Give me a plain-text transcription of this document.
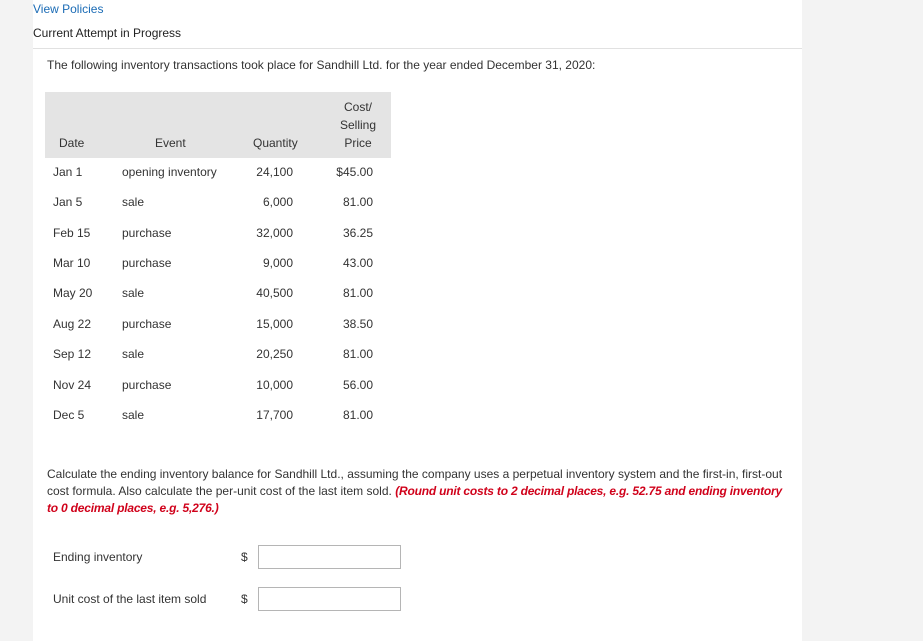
View Policies
Current Attempt in Progress
The following inventory transactions took place for Sandhill Ltd. for the year ended December 31, 2020:
Date	Event	Quantity
Cost/
Selling
Price
Jan 1	opening inventory	24,100	$45.00
Jan 5	sale	6,000	81.00
Feb 15	purchase	32,000	36.25
Mar 10	purchase	9,000	43.00
May 20 sale	40,500	81.00
Aug 22	purchase	15,000	38.50
Sep 12	sale	20,250	81.00
Nov 24	purchase	10,000	56.00
Dec 5	sale	17,700	81.00
Calculate the ending inventory balance for Sandhill Ltd., assuming the company uses a perpetual inventory system and the first-in, first-out cost formula. Also calculate the per-unit cost of the last item sold. (Round unit costs to 2 decimal places, e.g. 52.75 and ending inventory to 0 decimal places, e.g. 5,276.)
Ending inventory	$
Unit cost of the last item sold	$
